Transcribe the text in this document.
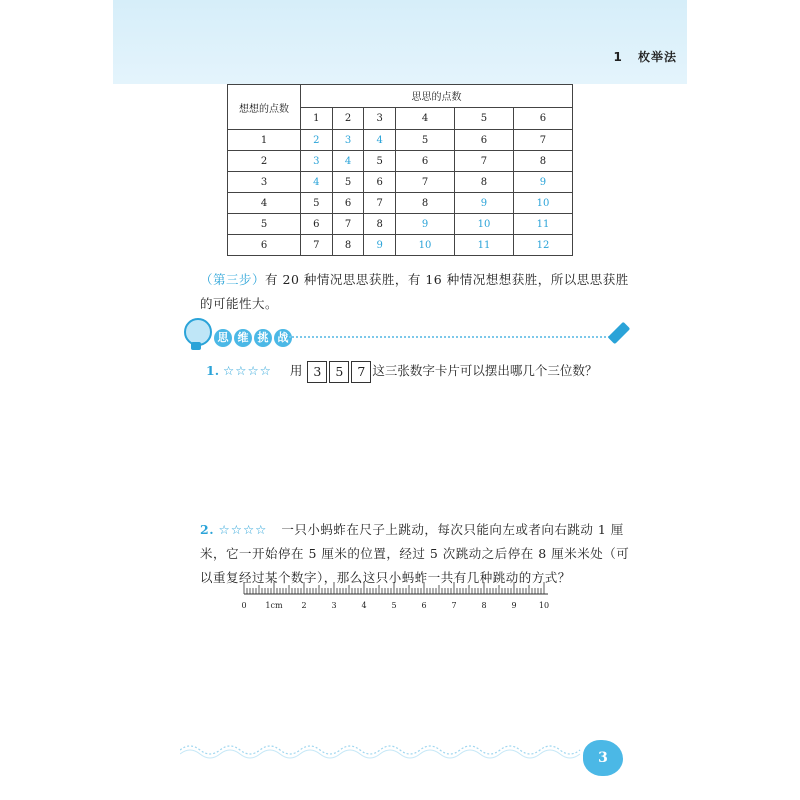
1 枚举法
想想的点数	思思的点数					
	1	2	3	4	5	6
1	2	3	4	5	6	7
2	3	4	5	6	7	8
3	4	5	6	7	8	9
4	5	6	7	8	9	10
5	6	7	8	9	10	11
6	7	8	9	10	11	12
（第三步）有 20 种情况思思获胜，有 16 种情况想想获胜，所以思思获胜的可能性大。
思 维 挑 战
1. ☆☆☆☆ 用 3 5 7 这三张数字卡片可以摆出哪几个三位数？
2. ☆☆☆☆ 一只小蚂蚱在尺子上跳动，每次只能向左或者向右跳动 1 厘米，它一开始停在 5 厘米的位置，经过 5 次跳动之后停在 8 厘米米处（可以重复经过某个数字），那么这只小蚂蚱一共有几种跳动的方式？
0 1cm 2	3	4	5	6	7	8	9	10
3
